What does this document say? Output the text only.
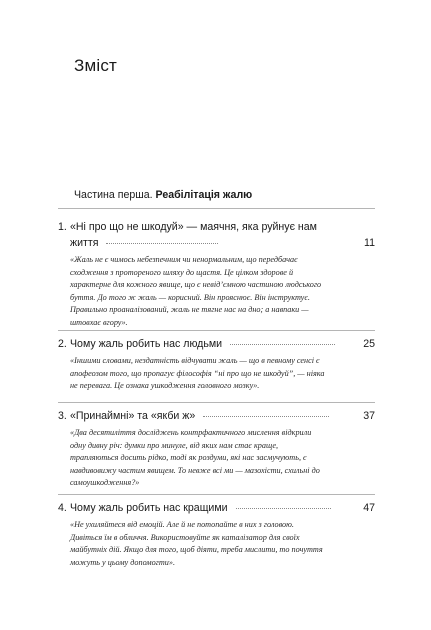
Зміст
Частина перша. Реабілітація жалю
1. «Ні про що не шкодуй» — маячня, яка руйнує нам життя	11
«Жаль не є чимось небезпечним чи ненормальним, що передбачає сходження з протореного шляху до щастя. Це цілком здорове й характерне для кожного явище, що є невід’ємною частиною людського буття. До того ж жаль — корисний. Він прояснює. Він інструктує. Правильно проаналізований, жаль не тягне нас на дно; а навпаки — штовхає вгору».
2. Чому жаль робить нас людьми	25
«Іншими словами, нездатність відчувати жаль — що в певному сенсі є апофеозом того, що пропагує філософія “ні про що не шкодуй”, — ніяка не перевага. Це ознака ушкодження головного мозку».
3. «Принаймні» та «якби ж»	37
«Два десятиліття досліджень контрфактичного мислення відкрили одну дивну річ: думки про минуле, від яких нам стає краще, трапляються досить рідко, тоді як роздуми, які нас засмучують, є навдивовижу частим явищем. То невже всі ми — мазохісти, схильні до самоушкодження?»
4. Чому жаль робить нас кращими	47
«Не ухиляйтеся від емоцій. Але й не потопайте в них з головою. Дивіться їм в обличчя. Використовуйте як каталізатор для своїх майбутніх дій. Якщо для того, щоб діяти, треба мислити, то почуття можуть у цьому допомогти».
